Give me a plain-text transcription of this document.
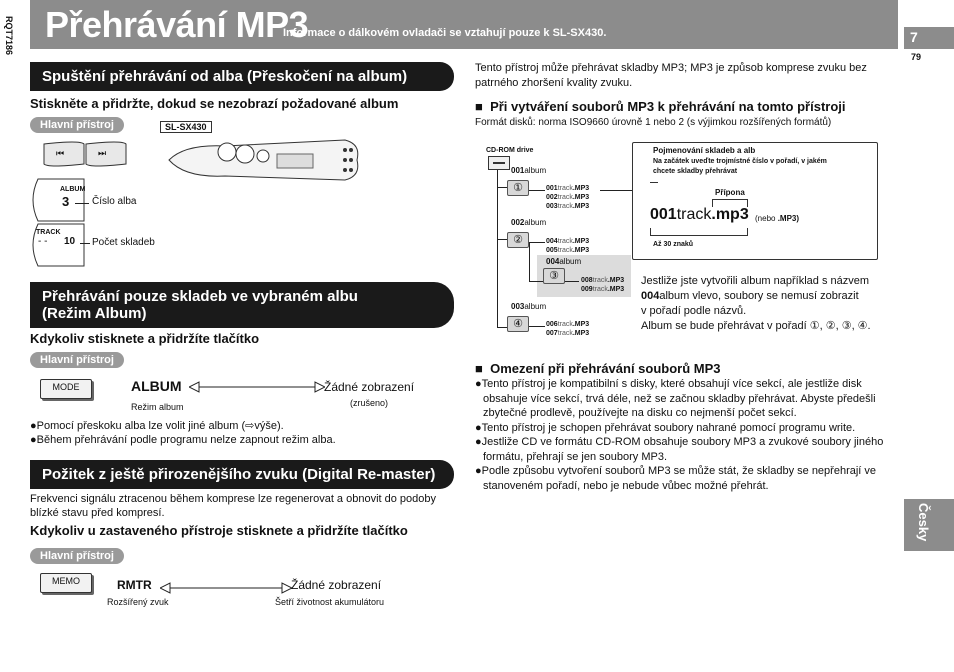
Přehrávání MP3
Informace o dálkovém ovladači se vztahují pouze k SL-SX430.
RQT7186	7
79
Česky
Spuštění přehrávání od alba (Přeskočení na album)
Stiskněte a přidržte, dokud se nezobrazí požadované album
Hlavní přístroj	SL-SX430
⏮	⏭
ALBUM
3 Číslo alba
TRACK
- - 10 Počet skladeb
Přehrávání pouze skladeb ve vybraném albu
(Režim Album)
Kdykoliv stisknete a přidržíte tlačítko
Hlavní přístroj
MODE	ALBUM
Režim album
Žádné zobrazení
(zrušeno)
●Pomocí přeskoku alba lze volit jiné album (⇨výše).
●Během přehrávání podle programu nelze zapnout režim alba.
Požitek z ještě přirozenějšího zvuku (Digital Re-master)
Frekvenci signálu ztracenou během komprese lze regenerovat a obnovit do podoby
blízké stavu před kompresí.
Kdykoliv u zastaveného přístroje stisknete a přidržíte tlačítko
Hlavní přístroj
MEMO	RMTR
Rozšířený zvuk
Žádné zobrazení
Šetří životnost akumulátoru
Tento přístroj může přehrávat skladby MP3; MP3 je způsob komprese zvuku bez
patrného zhoršení kvality zvuku.
■  Při vytváření souborů MP3 k přehrávání na tomto přístroji
Formát disků: norma ISO9660 úrovně 1 nebo 2 (s výjimkou rozšířených formátů)
CD-ROM drive
001album
①	001track.MP3
002track.MP3
003track.MP3
002album
②	004track.MP3
005track.MP3
004album
③	008track.MP3
009track.MP3
003album
④	006track.MP3
007track.MP3
Pojmenování skladeb a alb
Na začátek uveďte trojmístné číslo v pořadí, v jakém
chcete skladby přehrávat
Přípona
001track.mp3 (nebo .MP3)
Až 30 znaků
Jestliže jste vytvořili album například s názvem
004album vlevo, soubory se nemusí zobrazit
v pořadí podle názvů.
Album se bude přehrávat v pořadí ①, ②, ③, ④.
■  Omezení při přehrávání souborů MP3
●Tento přístroj je kompatibilní s disky, které obsahují více sekcí, ale jestliže disk
obsahuje více sekcí, trvá déle, než se začnou skladby přehrávat. Abyste předešli
zbytečné prodlevě, používejte na disku co nejmenší počet sekcí.
●Tento přístroj je schopen přehrávat soubory nahrané pomocí programu write.
●Jestliže CD ve formátu CD-ROM obsahuje soubory MP3 a zvukové soubory jiného
formátu, přehrají se jen soubory MP3.
●Podle způsobu vytvoření souborů MP3 se může stát, že skladby se nepřehrají ve
stanoveném pořadí, nebo je nebude vůbec možné přehrát.
